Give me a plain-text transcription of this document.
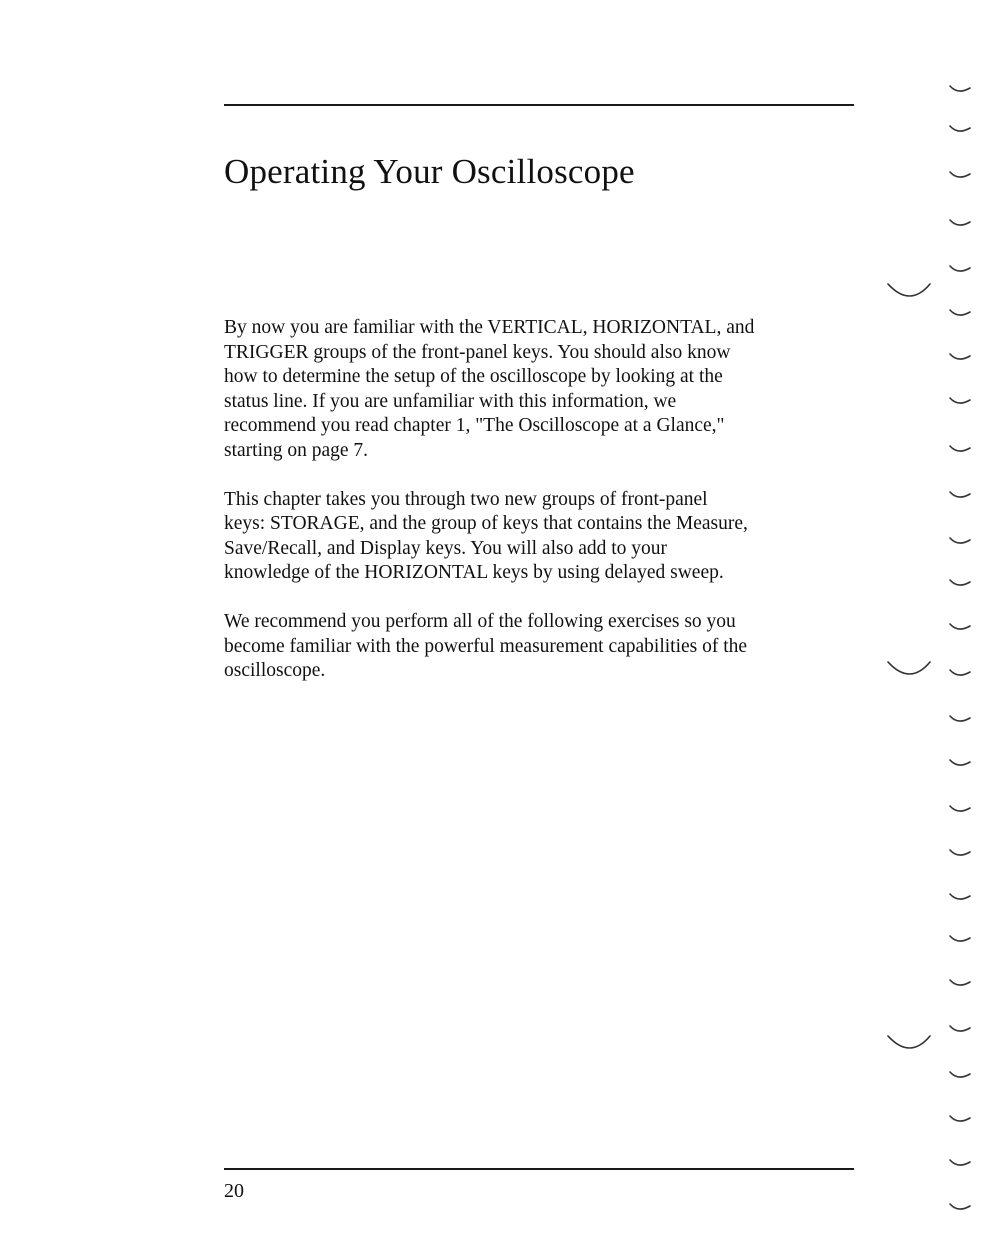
Operating Your Oscilloscope

By now you are familiar with the VERTICAL, HORIZONTAL, and
TRIGGER groups of the front-panel keys. You should also know
how to determine the setup of the oscilloscope by looking at the
status line. If you are unfamiliar with this information, we
recommend you read chapter 1, "The Oscilloscope at a Glance,"
starting on page 7.

This chapter takes you through two new groups of front-panel
keys: STORAGE, and the group of keys that contains the Measure,
Save/Recall, and Display keys. You will also add to your
knowledge of the HORIZONTAL keys by using delayed sweep.

We recommend you perform all of the following exercises so you
become familiar with the powerful measurement capabilities of the
oscilloscope.

20
